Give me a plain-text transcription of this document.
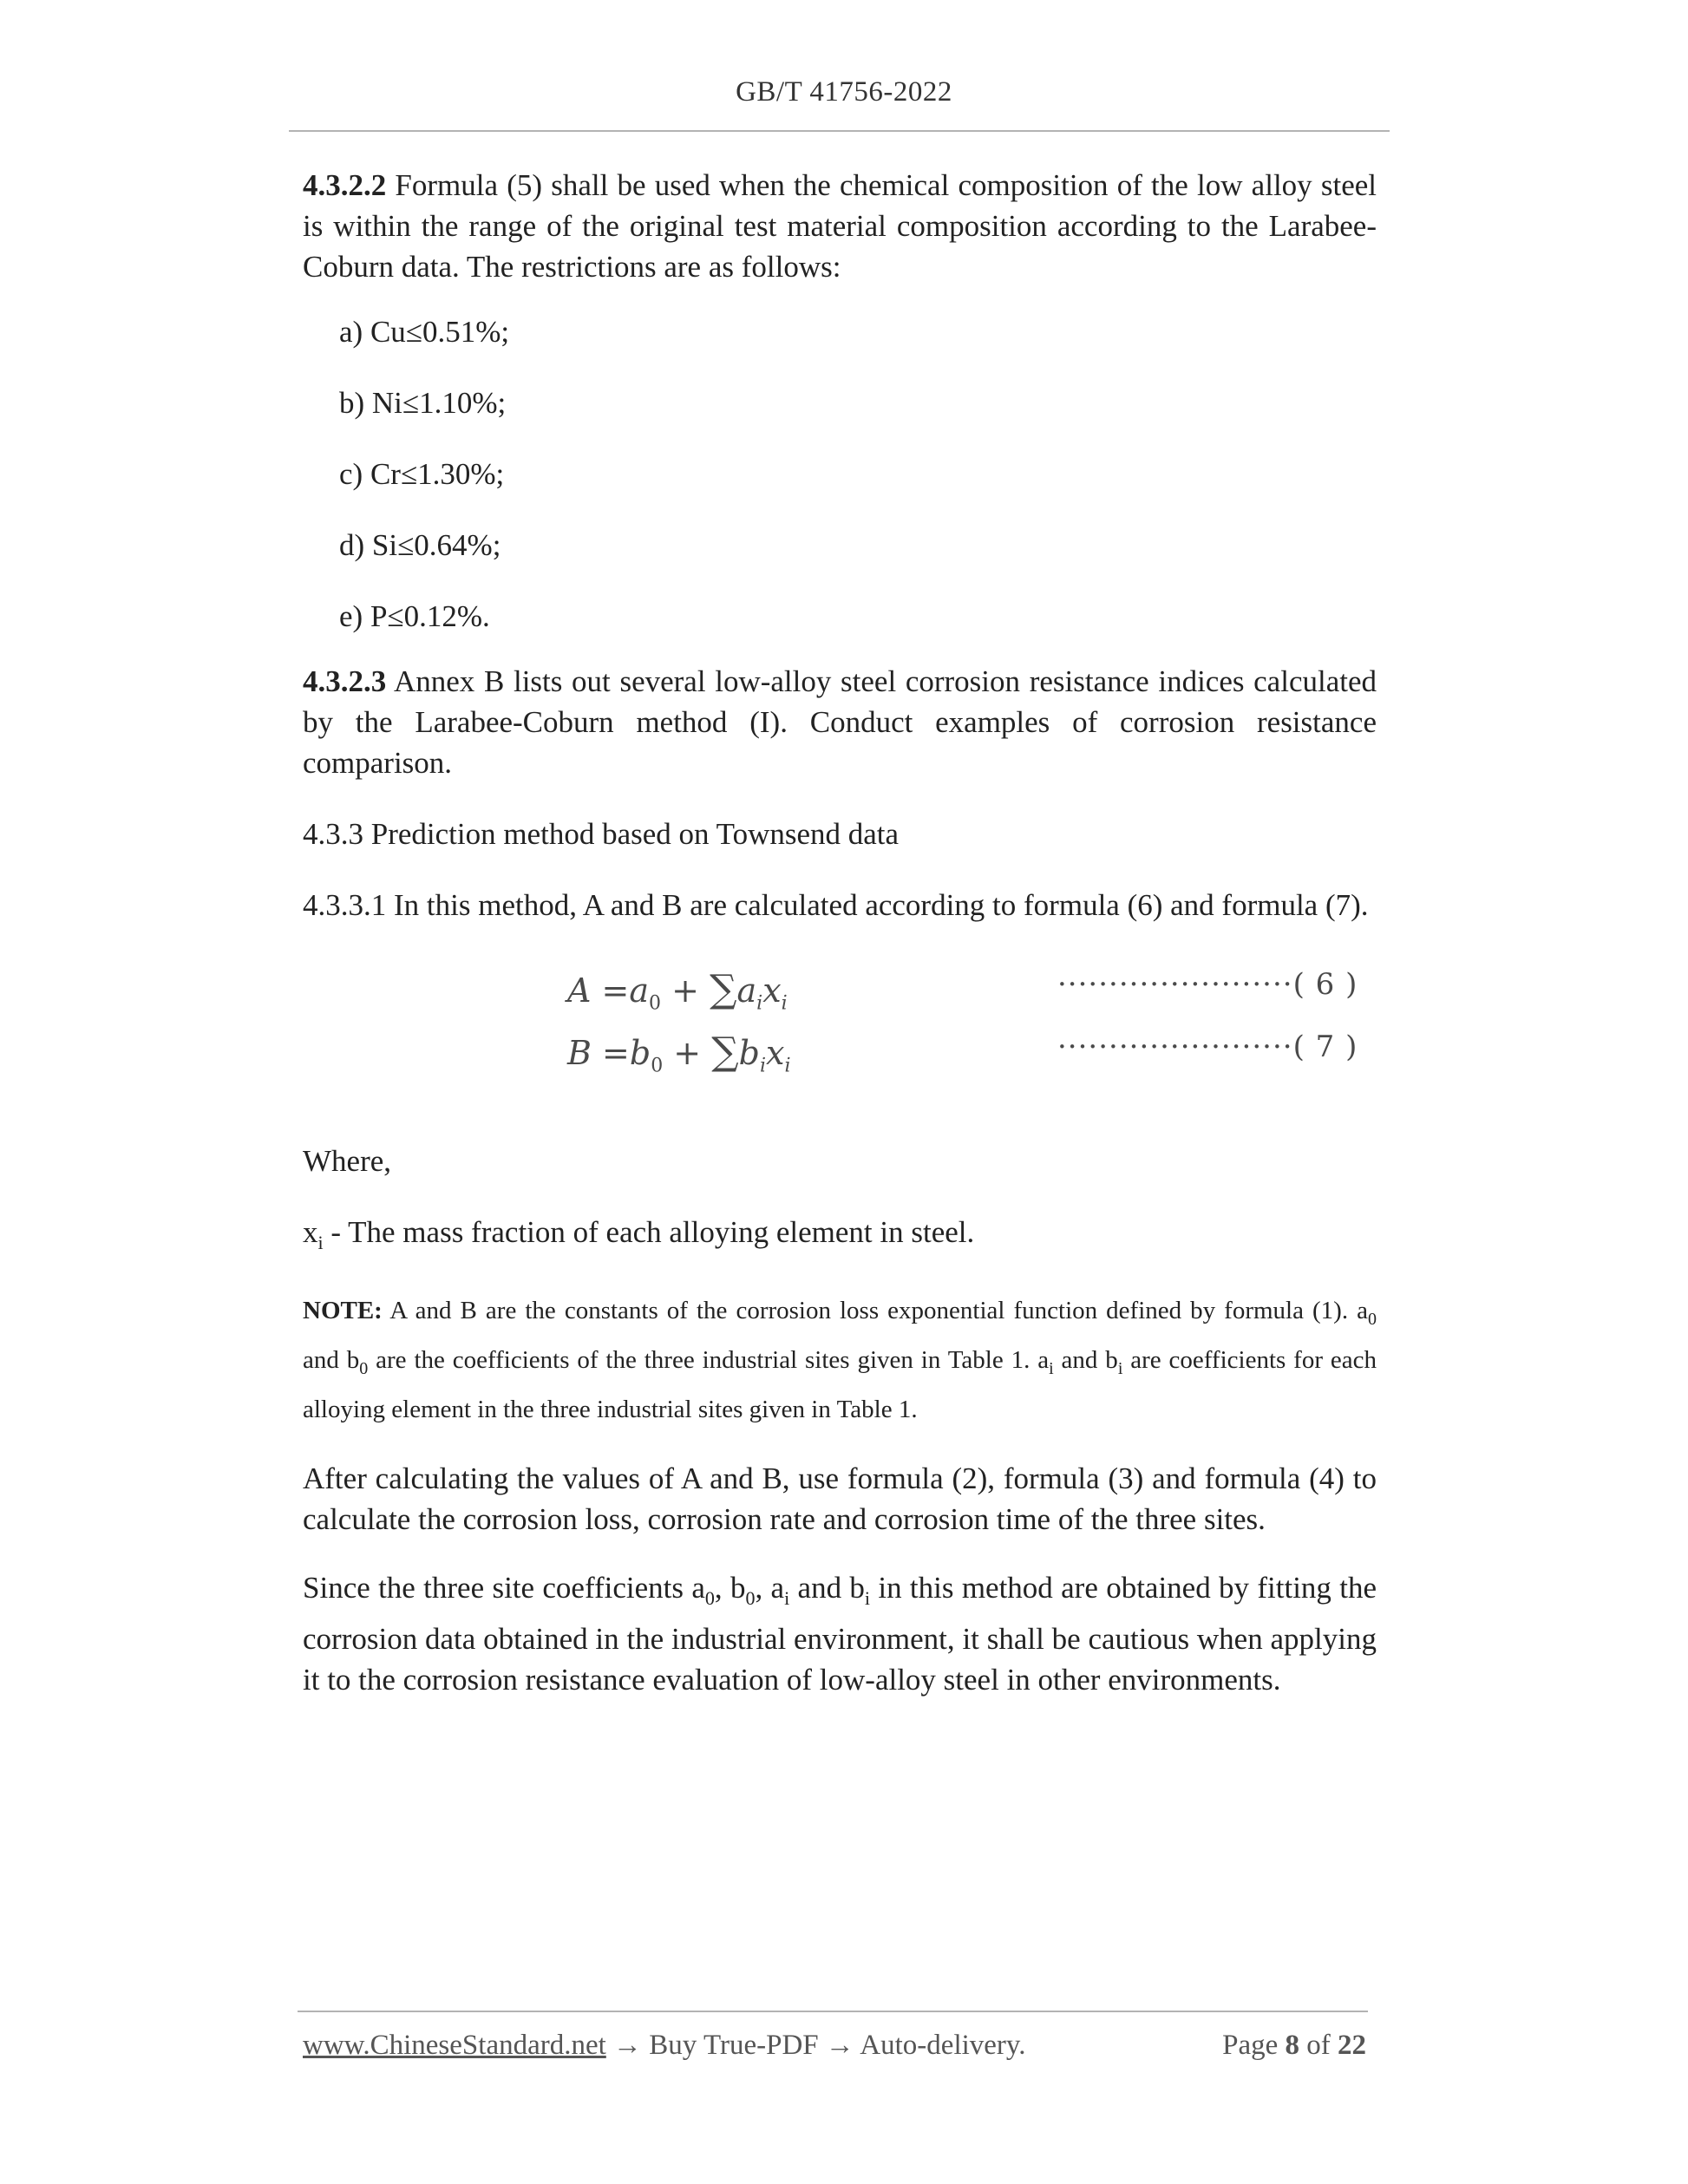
GB/T 41756-2022

4.3.2.2 Formula (5) shall be used when the chemical composition of the low alloy steel is within the range of the original test material composition according to the Larabee-Coburn data. The restrictions are as follows:

a) Cu≤0.51%;

b) Ni≤1.10%;

c) Cr≤1.30%;

d) Si≤0.64%;

e) P≤0.12%.

4.3.2.3 Annex B lists out several low-alloy steel corrosion resistance indices calculated by the Larabee-Coburn method (I). Conduct examples of corrosion resistance comparison.

4.3.3 Prediction method based on Townsend data

4.3.3.1 In this method, A and B are calculated according to formula (6) and formula (7).

$A =a_0 + \sum a_ix_i$
·······················( 6 )
$B =b_0 + \sum b_ix_i$
·······················( 7 )

Where,

$x_i$ - The mass fraction of each alloying element in steel.

NOTE: A and B are the constants of the corrosion loss exponential function defined by formula (1). $a_0$ and $b_0$ are the coefficients of the three industrial sites given in Table 1. $a_i$ and $b_i$ are coefficients for each alloying element in the three industrial sites given in Table 1.

After calculating the values of A and B, use formula (2), formula (3) and formula (4) to calculate the corrosion loss, corrosion rate and corrosion time of the three sites.

Since the three site coefficients $a_0$, $b_0$, $a_i$ and $b_i$ in this method are obtained by fitting the corrosion data obtained in the industrial environment, it shall be cautious when applying it to the corrosion resistance evaluation of low-alloy steel in other environments.

www.ChineseStandard.net → Buy True-PDF → Auto-delivery.	Page 8 of 22
